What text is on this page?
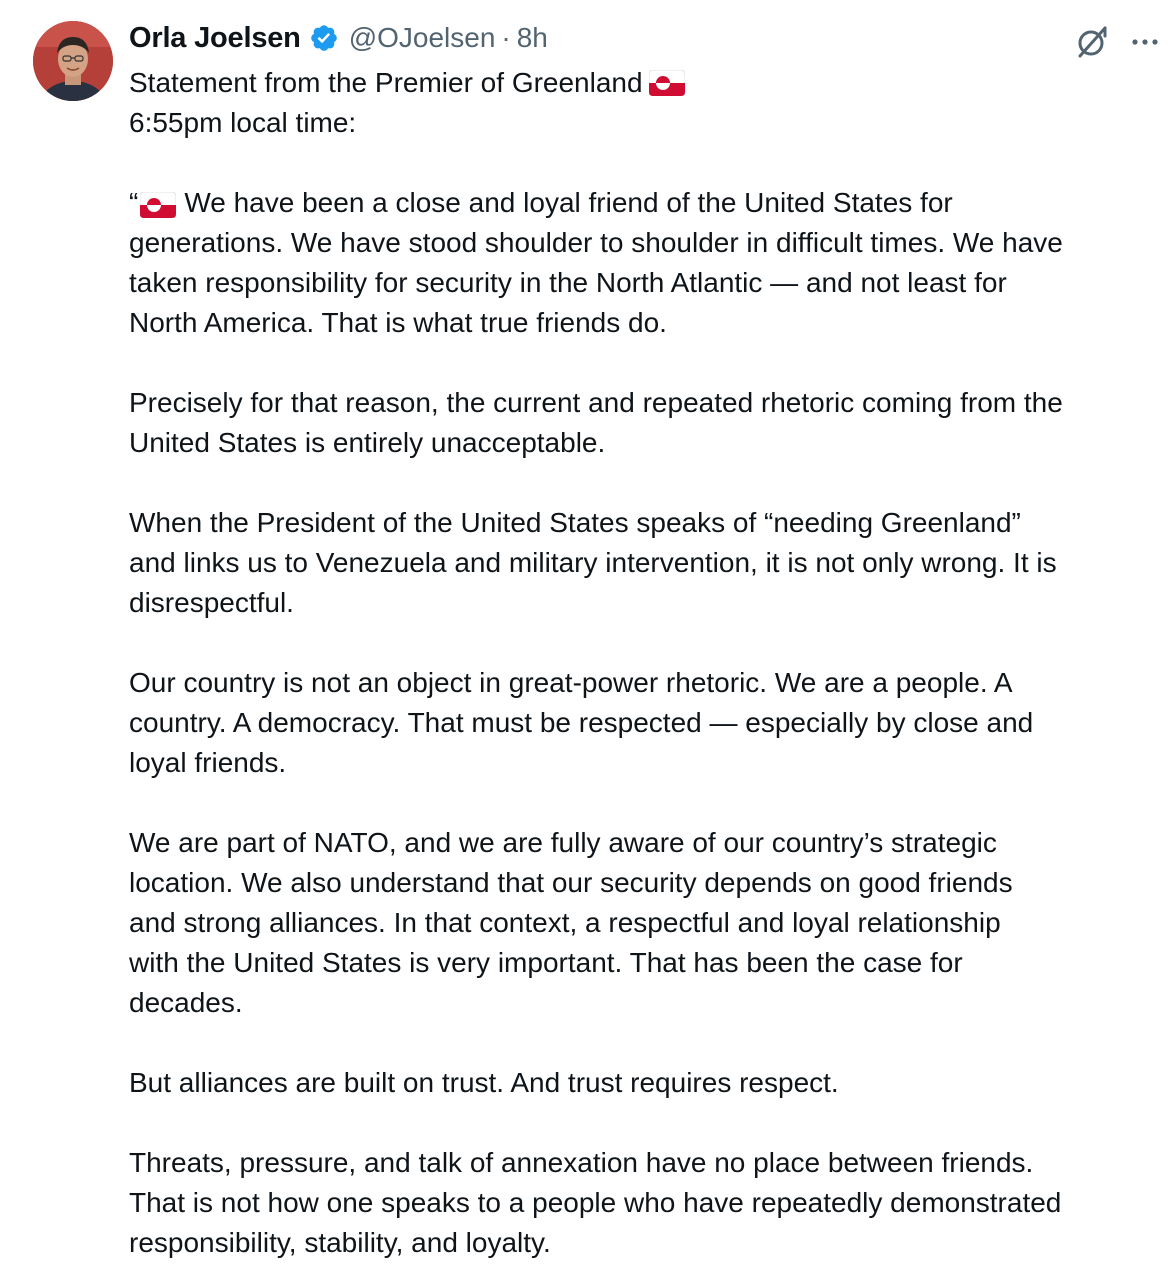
Orla Joelsen @OJoelsen · 8h
Statement from the Premier of Greenland
6:55pm local time:
“ We have been a close and loyal friend of the United States for
generations. We have stood shoulder to shoulder in difficult times. We have
taken responsibility for security in the North Atlantic — and not least for
North America. That is what true friends do.
Precisely for that reason, the current and repeated rhetoric coming from the
United States is entirely unacceptable.
When the President of the United States speaks of “needing Greenland”
and links us to Venezuela and military intervention, it is not only wrong. It is
disrespectful.
Our country is not an object in great-power rhetoric. We are a people. A
country. A democracy. That must be respected — especially by close and
loyal friends.
We are part of NATO, and we are fully aware of our country’s strategic
location. We also understand that our security depends on good friends
and strong alliances. In that context, a respectful and loyal relationship
with the United States is very important. That has been the case for
decades.
But alliances are built on trust. And trust requires respect.
Threats, pressure, and talk of annexation have no place between friends.
That is not how one speaks to a people who have repeatedly demonstrated
responsibility, stability, and loyalty.
